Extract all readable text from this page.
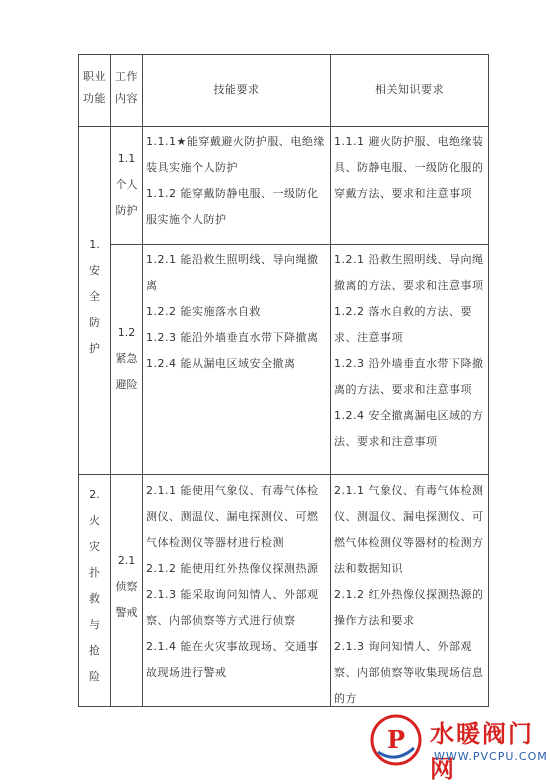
职业功能
工作内容
技能要求	相关知识要求
1.
安
全
防
护
1.1
个人
防护

1.1.1★能穿戴避火防护服、电绝缘装具实施个人防护

1.1.2 能穿戴防静电服、一级防化服实施个人防护

1.1.1 避火防护服、电绝缘装具、防静电服、一级防化服的穿戴方法、要求和注意事项

1.2
紧急
避险

1.2.1 能沿救生照明线、导向绳撤离

1.2.2 能实施落水自救

1.2.3 能沿外墙垂直水带下降撤离

1.2.4 能从漏电区域安全撤离

1.2.1 沿救生照明线、导向绳撤离的方法、要求和注意事项

1.2.2 落水自救的方法、要求、注意事项

1.2.3 沿外墙垂直水带下降撤离的方法、要求和注意事项

1.2.4 安全撤离漏电区域的方法、要求和注意事项

2.
火
灾
扑
救
与
抢
险
2.1
侦察
警戒

2.1.1 能使用气象仪、有毒气体检测仪、测温仪、漏电探测仪、可燃气体检测仪等器材进行检测

2.1.2 能使用红外热像仪探测热源

2.1.3 能采取询问知情人、外部观察、内部侦察等方式进行侦察

2.1.4 能在火灾事故现场、交通事故现场进行警戒

2.1.1 气象仪、有毒气体检测仪、测温仪、漏电探测仪、可燃气体检测仪等器材的检测方法和数据知识

2.1.2 红外热像仪探测热源的操作方法和要求

2.1.3 询问知情人、外部观察、内部侦察等收集现场信息的方

P 水暖阀门网
WWW.PVCPU.COM
